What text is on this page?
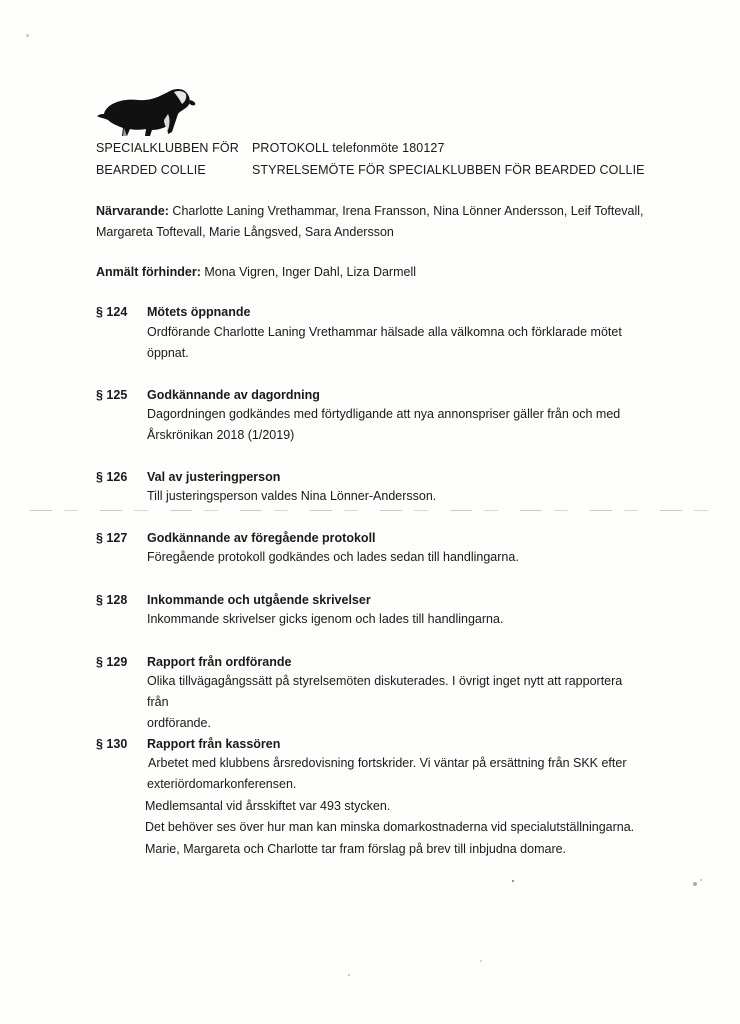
SPECIALKLUBBEN FÖR
BEARDED COLLIE
PROTOKOLL telefonmöte 180127
STYRELSEMÖTE FÖR SPECIALKLUBBEN FÖR BEARDED COLLIE
Närvarande: Charlotte Laning Vrethammar, Irena Fransson, Nina Lönner Andersson, Leif Toftevall,
Margareta Toftevall, Marie Långsved, Sara Andersson
Anmält förhinder: Mona Vigren, Inger Dahl, Liza Darmell
§ 124 Mötets öppnande
Ordförande Charlotte Laning Vrethammar hälsade alla välkomna och förklarade mötet
öppnat.
§ 125 Godkännande av dagordning
Dagordningen godkändes med förtydligande att nya annonspriser gäller från och med
Årskrönikan 2018 (1/2019)
§ 126 Val av justeringperson
Till justeringsperson valdes Nina Lönner-Andersson.
§ 127 Godkännande av föregående protokoll
Föregående protokoll godkändes och lades sedan till handlingarna.
§ 128 Inkommande och utgående skrivelser
Inkommande skrivelser gicks igenom och lades till handlingarna.
§ 129 Rapport från ordförande
Olika tillvägagångssätt på styrelsemöten diskuterades. I övrigt inget nytt att rapportera från
ordförande.
§ 130 Rapport från kassören
Arbetet med klubbens årsredovisning fortskrider. Vi väntar på ersättning från SKK efter
exteriördomarkonferensen.
Medlemsantal vid årsskiftet var 493 stycken.
Det behöver ses över hur man kan minska domarkostnaderna vid specialutställningarna.
Marie, Margareta och Charlotte tar fram förslag på brev till inbjudna domare.
